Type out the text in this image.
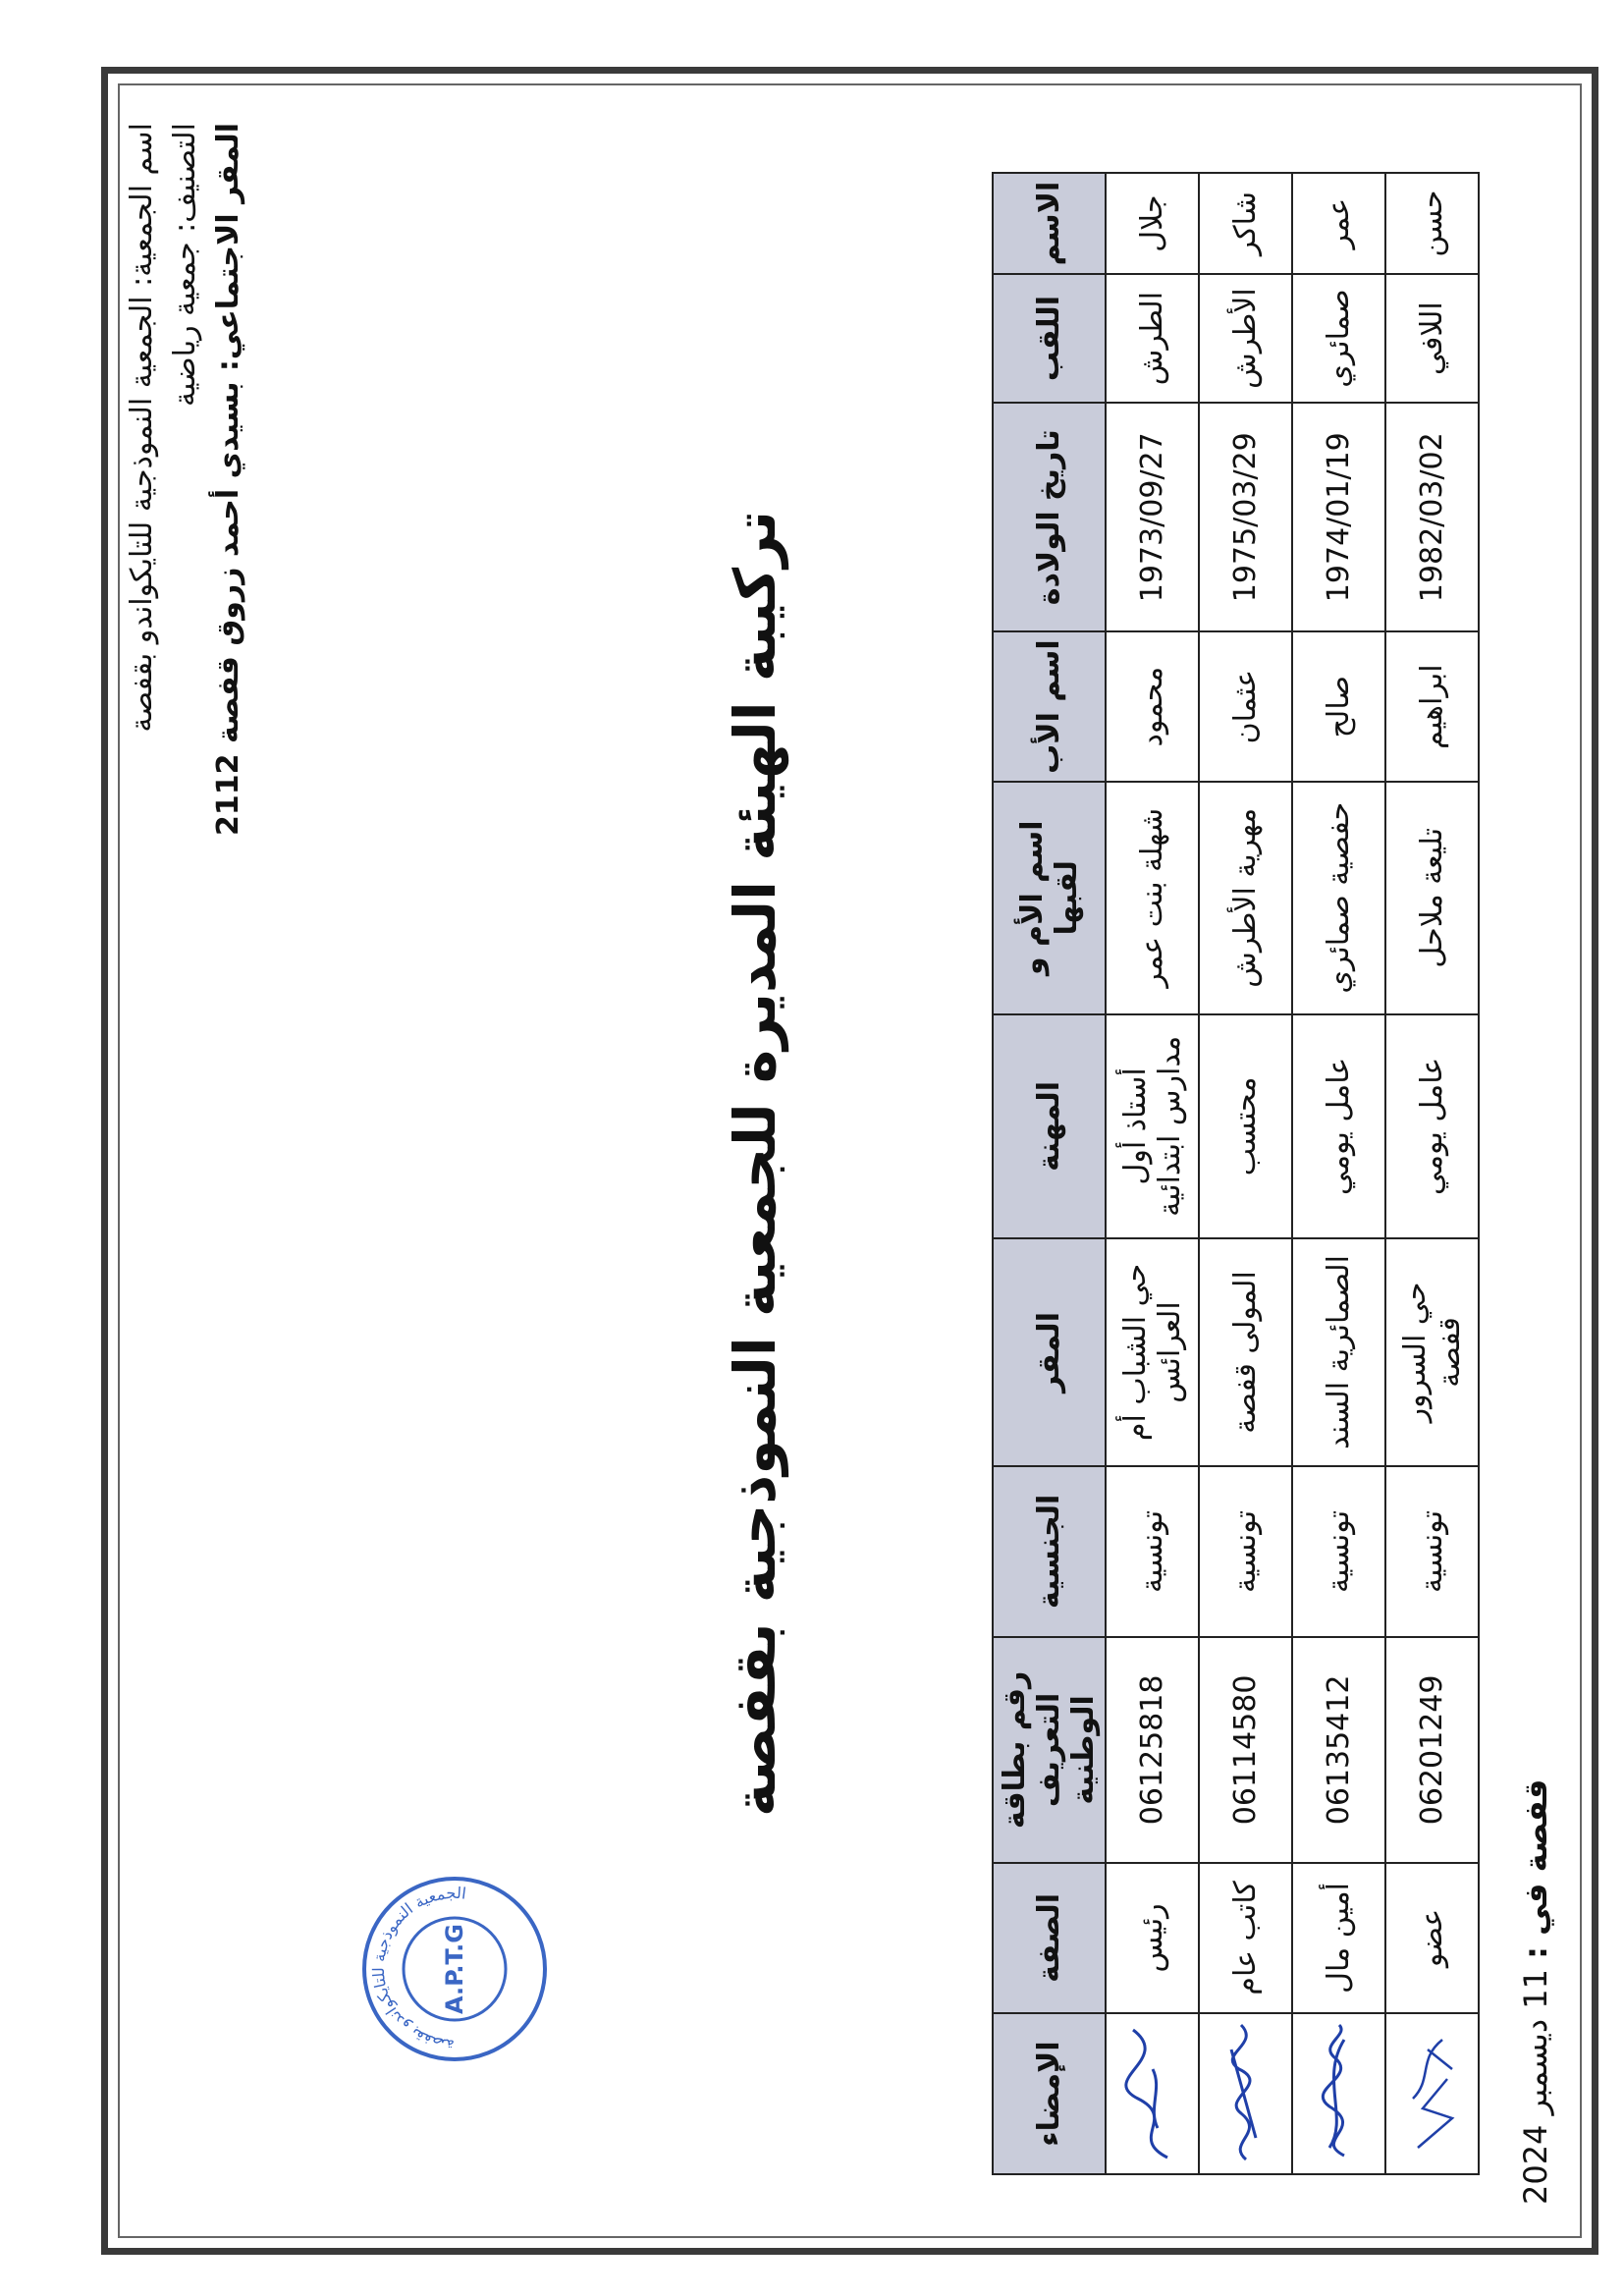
اسم الجمعية: الجمعية النموذجية للتايكواندو بقفصة التصنيف: جمعية رياضية
المقر الاجتماعي: بسيدي أحمد زروق قفصة 2112
قفصة في : 11 ديسمبر 2024
تركيبة الهيئة المديرة للجمعية النموذجية بقفصة
الجمعية النموذجية للتايكواندو بقفصة
A.P.T.G
الاسم	اللقب	تاريخ الولادة	اسم الأب	اسم الأم و لقبها	المهنة	المقر	الجنسية	رقم بطاقة التعريف الوطنية	الصفة	الإمضاء
جلال	الطرش	1973/09/27	محمود	شهلة بنت عمر	أستاذ أول مدارس ابتدائية	حي الشباب أم العرائس	تونسية	06125818	رئيس	

شاكر	الأطرش	1975/03/29	عثمان	مهرية الأطرش	محتسب	المولى قفصة	تونسية	06114580	كاتب عام	

عمر	صمائري	1974/01/19	صالح	حفصية صمائري	عامل يومي	الصمائرية السند	تونسية	06135412	أمين مال	

حسن	اللافي	1982/03/02	ابراهيم	تليعة ملاحل	عامل يومي	حي السرور قفصة	تونسية	06201249	عضو	
